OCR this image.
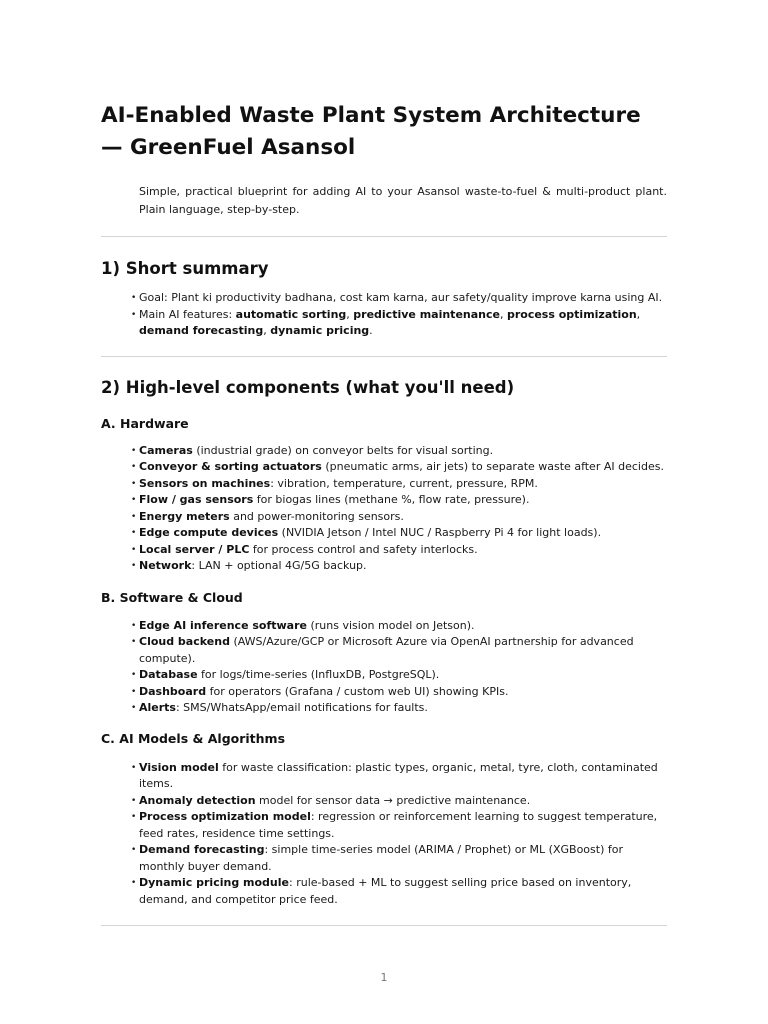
AI-Enabled Waste Plant System Architecture — GreenFuel Asansol

Simple, practical blueprint for adding AI to your Asansol waste-to-fuel & multi-product plant. Plain language, step-by-step.

1) Short summary
• Goal: Plant ki productivity badhana, cost kam karna, aur safety/quality improve karna using AI.
• Main AI features: automatic sorting, predictive maintenance, process optimization, demand forecasting, dynamic pricing.
2) High-level components (what you'll need)
A. Hardware
• Cameras (industrial grade) on conveyor belts for visual sorting.
• Conveyor & sorting actuators (pneumatic arms, air jets) to separate waste after AI decides.
• Sensors on machines: vibration, temperature, current, pressure, RPM.
• Flow / gas sensors for biogas lines (methane %, flow rate, pressure).
• Energy meters and power-monitoring sensors.
• Edge compute devices (NVIDIA Jetson / Intel NUC / Raspberry Pi 4 for light loads).
• Local server / PLC for process control and safety interlocks.
• Network: LAN + optional 4G/5G backup.
B. Software & Cloud
• Edge AI inference software (runs vision model on Jetson).
• Cloud backend (AWS/Azure/GCP or Microsoft Azure via OpenAI partnership for advanced compute).
• Database for logs/time-series (InfluxDB, PostgreSQL).
• Dashboard for operators (Grafana / custom web UI) showing KPIs.
• Alerts: SMS/WhatsApp/email notifications for faults.
C. AI Models & Algorithms
• Vision model for waste classification: plastic types, organic, metal, tyre, cloth, contaminated items.
• Anomaly detection model for sensor data → predictive maintenance.
• Process optimization model: regression or reinforcement learning to suggest temperature, feed rates, residence time settings.
• Demand forecasting: simple time-series model (ARIMA / Prophet) or ML (XGBoost) for monthly buyer demand.
• Dynamic pricing module: rule-based + ML to suggest selling price based on inventory, demand, and competitor price feed.
1
